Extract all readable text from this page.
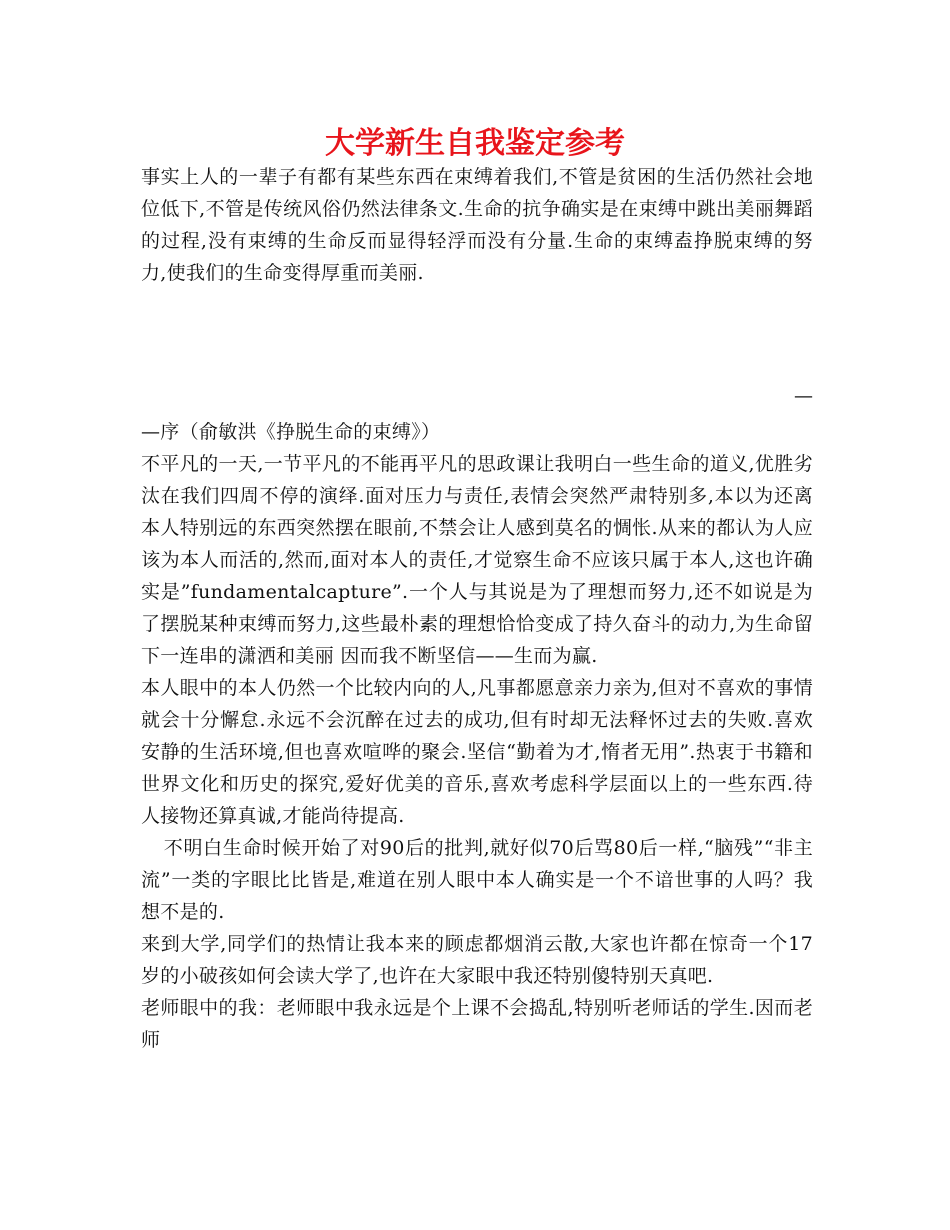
大学新生自我鉴定参考

事实上人的一辈子有都有某些东西在束缚着我们,不管是贫困的生活仍然社会地位低下,不管是传统风俗仍然法律条文.生命的抗争确实是在束缚中跳出美丽舞蹈的过程,没有束缚的生命反而显得轻浮而没有分量.生命的束缚盍挣脱束缚的努力,使我们的生命变得厚重而美丽.

—

—序（俞敏洪《挣脱生命的束缚》）

不平凡的一天,一节平凡的不能再平凡的思政课让我明白一些生命的道义,优胜劣汰在我们四周不停的演绎.面对压力与责任,表情会突然严肃特别多,本以为还离本人特别远的东西突然摆在眼前,不禁会让人感到莫名的惆怅.从来的都认为人应该为本人而活的,然而,面对本人的责任,才觉察生命不应该只属于本人,这也许确实是”fundamentalcapture”.一个人与其说是为了理想而努力,还不如说是为了摆脱某种束缚而努力,这些最朴素的理想恰恰变成了持久奋斗的动力,为生命留下一连串的潇洒和美丽 因而我不断坚信——生而为赢.

本人眼中的本人仍然一个比较内向的人,凡事都愿意亲力亲为,但对不喜欢的事情就会十分懈怠.永远不会沉醉在过去的成功,但有时却无法释怀过去的失败.喜欢安静的生活环境,但也喜欢喧哗的聚会.坚信“勤着为才,惰者无用”.热衷于书籍和世界文化和历史的探究,爱好优美的音乐,喜欢考虑科学层面以上的一些东西.待人接物还算真诚,才能尚待提高.

不明白生命时候开始了对90后的批判,就好似70后骂80后一样,“脑残”“非主流”一类的字眼比比皆是,难道在别人眼中本人确实是一个不谙世事的人吗？我想不是的.

来到大学,同学们的热情让我本来的顾虑都烟消云散,大家也许都在惊奇一个17岁的小破孩如何会读大学了,也许在大家眼中我还特别傻特别天真吧.

老师眼中的我：老师眼中我永远是个上课不会捣乱,特别听老师话的学生.因而老师
